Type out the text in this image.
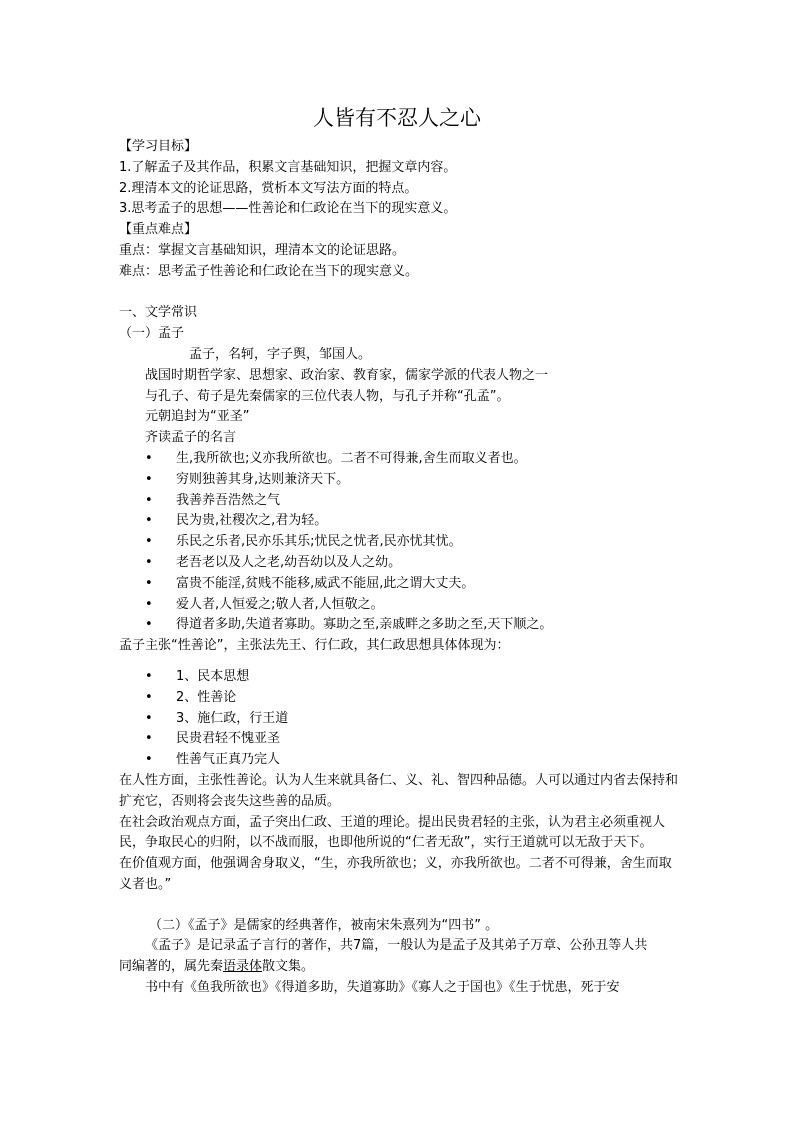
人皆有不忍人之心
【学习目标】
1.了解孟子及其作品，积累文言基础知识，把握文章内容。
2.理清本文的论证思路，赏析本文写法方面的特点。
3.思考孟子的思想——性善论和仁政论在当下的现实意义。
【重点难点】
重点：掌握文言基础知识，理清本文的论证思路。
难点：思考孟子性善论和仁政论在当下的现实意义。
一、文学常识
（一）孟子
孟子，名轲，字子舆，邹国人。
战国时期哲学家、思想家、政治家、教育家，儒家学派的代表人物之一
与孔子、荀子是先秦儒家的三位代表人物，与孔子并称“孔孟”。
元朝追封为“亚圣”
齐读孟子的名言
• 生,我所欲也;义亦我所欲也。二者不可得兼,舍生而取义者也。
• 穷则独善其身,达则兼济天下。
• 我善养吾浩然之气
• 民为贵,社稷次之,君为轻。
• 乐民之乐者,民亦乐其乐;忧民之忧者,民亦忧其忧。
• 老吾老以及人之老,幼吾幼以及人之幼。
• 富贵不能淫,贫贱不能移,威武不能屈,此之谓大丈夫。
• 爱人者,人恒爱之;敬人者,人恒敬之。
• 得道者多助,失道者寡助。寡助之至,亲戚畔之多助之至,天下顺之。
孟子主张“性善论”，主张法先王、行仁政，其仁政思想具体体现为：
• 1、民本思想
• 2、性善论
• 3、施仁政，行王道
• 民贵君轻不愧亚圣
• 性善气正真乃完人
在人性方面，主张性善论。认为人生来就具备仁、义、礼、智四种品德。人可以通过内省去保持和扩充它，否则将会丧失这些善的品质。
在社会政治观点方面，孟子突出仁政、王道的理论。提出民贵君轻的主张，认为君主必须重视人民，争取民心的归附，以不战而服，也即他所说的“仁者无敌”，实行王道就可以无敌于天下。
在价值观方面，他强调舍身取义，“生，亦我所欲也；义，亦我所欲也。二者不可得兼，舍生而取义者也。”
（二）《孟子》是儒家的经典著作，被南宋朱熹列为“四书” 。
《孟子》是记录孟子言行的著作，共7篇，一般认为是孟子及其弟子万章、公孙丑等人共
同编著的，属先秦语录体散文集。
书中有《鱼我所欲也》《得道多助，失道寡助》《寡人之于国也》《生于忧患，死于安
